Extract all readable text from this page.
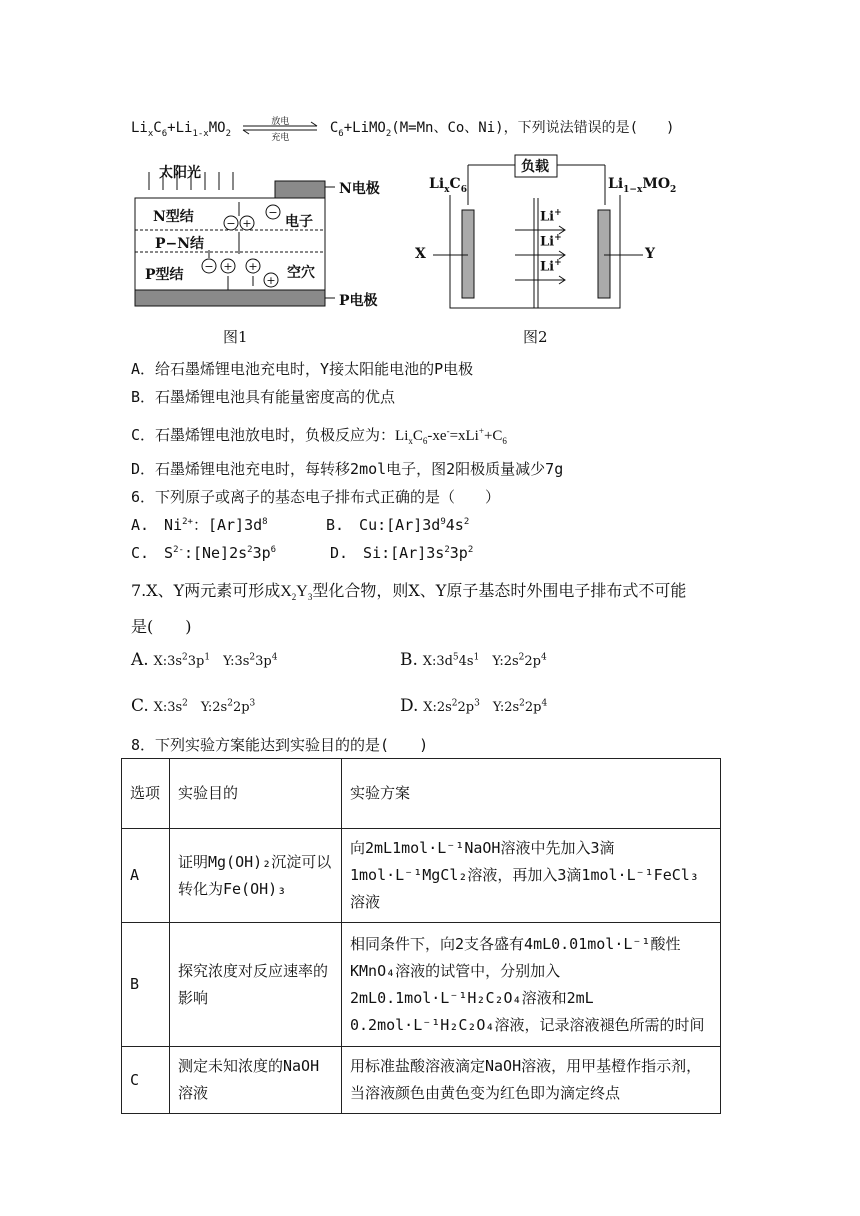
$Li_xC_6+Li_{1-x}MO_2$
放电
充电
$C_6+LiMO_2(M=Mn$、Co、Ni)，下列说法错误的是(　　)
− +
−
− + +
+
太阳光
N电极
N型结	电子
P−N结
P型结	空穴
P电极
图1
负载
$Li_xC_6$	$Li_{1-x}MO_2$
X	Y
Li+
Li+
Li+
图2
A．给石墨烯锂电池充电时，Y接太阳能电池的P电极
B．石墨烯锂电池具有能量密度高的优点
C．石墨烯锂电池放电时，负极反应为：$Li_xC_6-xe^-=xLi^++C_6$
D．石墨烯锂电池充电时，每转移2mol电子，图2阳极质量减少7g
6．下列原子或离子的基态电子排布式正确的是（　　）
A.　$Ni^{2+}$：$[Ar]3d^8$	B.　$Cu:[Ar]3d^94s^2$
C.　$S^{2-}:[Ne]2s^23p^6$	D.　$Si:[Ar]3s^23p^2$
7.X、Y两元素可形成$X_2Y_3$型化合物，则X、Y原子基态时外围电子排布式不可能
是(　　)
A. $X:3s^23p^1$　$Y:3s^23p^4$	B. $X:3d^54s^1$　$Y:2s^22p^4$
C. $X:3s^2$　$Y:2s^22p^3$	D. $X:2s^22p^3$　$Y:2s^22p^4$
8．下列实验方案能达到实验目的的是(　　)
选项	实验目的	实验方案
A	证明Mg(OH)₂沉淀可以转化为Fe(OH)₃	向2mL1mol·L⁻¹NaOH溶液中先加入3滴1mol·L⁻¹MgCl₂溶液，再加入3滴1mol·L⁻¹FeCl₃溶液
B	探究浓度对反应速率的影响	相同条件下，向2支各盛有4mL0.01mol·L⁻¹酸性KMnO₄溶液的试管中，分别加入2mL0.1mol·L⁻¹H₂C₂O₄溶液和2mL 0.2mol·L⁻¹H₂C₂O₄溶液，记录溶液褪色所需的时间
C	测定未知浓度的NaOH溶液	用标准盐酸溶液滴定NaOH溶液，用甲基橙作指示剂，当溶液颜色由黄色变为红色即为滴定终点
